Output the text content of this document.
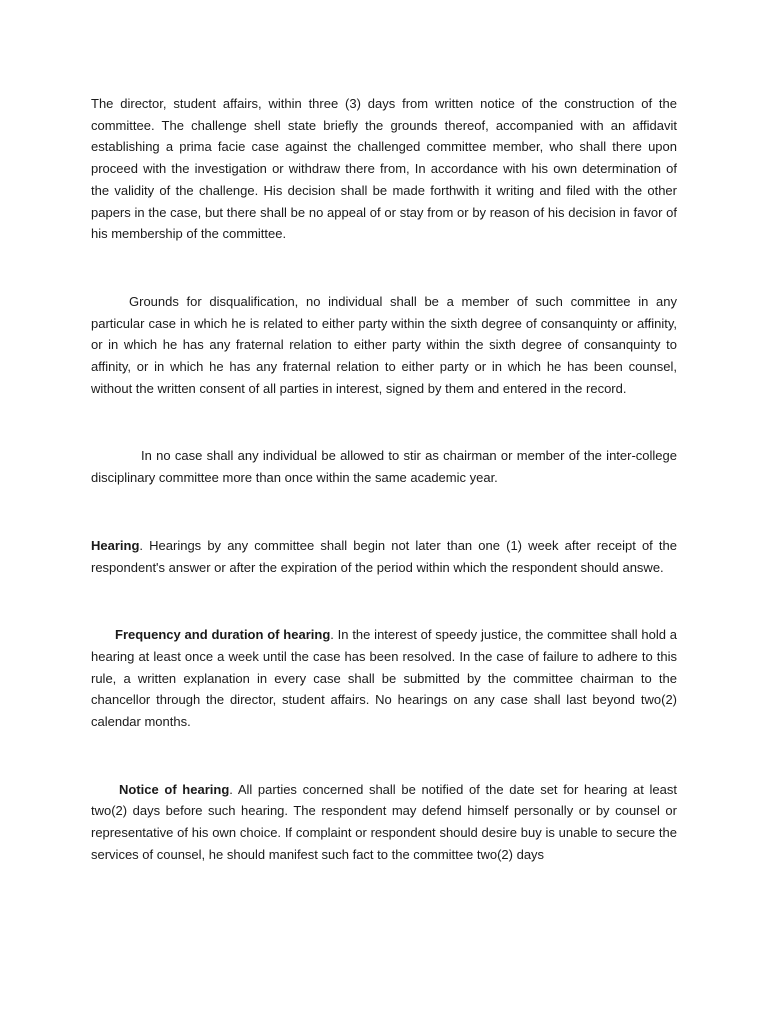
The director, student affairs, within three (3) days from written notice of the construction of the committee. The challenge shell state briefly the grounds thereof, accompanied with an affidavit establishing a prima facie case against the challenged committee member, who shall there upon proceed with the investigation or withdraw there from, In accordance with his own determination of the validity of the challenge. His decision shall be made forthwith it writing and filed with the other papers in the case, but there shall be no appeal of or stay from or by reason of his decision in favor of his membership of the committee.

Grounds for disqualification, no individual shall be a member of such committee in any particular case in which he is related to either party within the sixth degree of consanquinty or affinity, or in which he has any fraternal relation to either party within the sixth degree of consanquinty to affinity, or in which he has any fraternal relation to either party or in which he has been counsel, without the written consent of all parties in interest, signed by them and entered in the record.

In no case shall any individual be allowed to stir as chairman or member of the inter-college disciplinary committee more than once within the same academic year.

Hearing. Hearings by any committee shall begin not later than one (1) week after receipt of the respondent's answer or after the expiration of the period within which the respondent should answe.

Frequency and duration of hearing. In the interest of speedy justice, the committee shall hold a hearing at least once a week until the case has been resolved. In the case of failure to adhere to this rule, a written explanation in every case shall be submitted by the committee chairman to the chancellor through the director, student affairs. No hearings on any case shall last beyond two(2) calendar months.

Notice of hearing. All parties concerned shall be notified of the date set for hearing at least two(2) days before such hearing. The respondent may defend himself personally or by counsel or representative of his own choice. If complaint or respondent should desire buy is unable to secure the services of counsel, he should manifest such fact to the committee two(2) days
